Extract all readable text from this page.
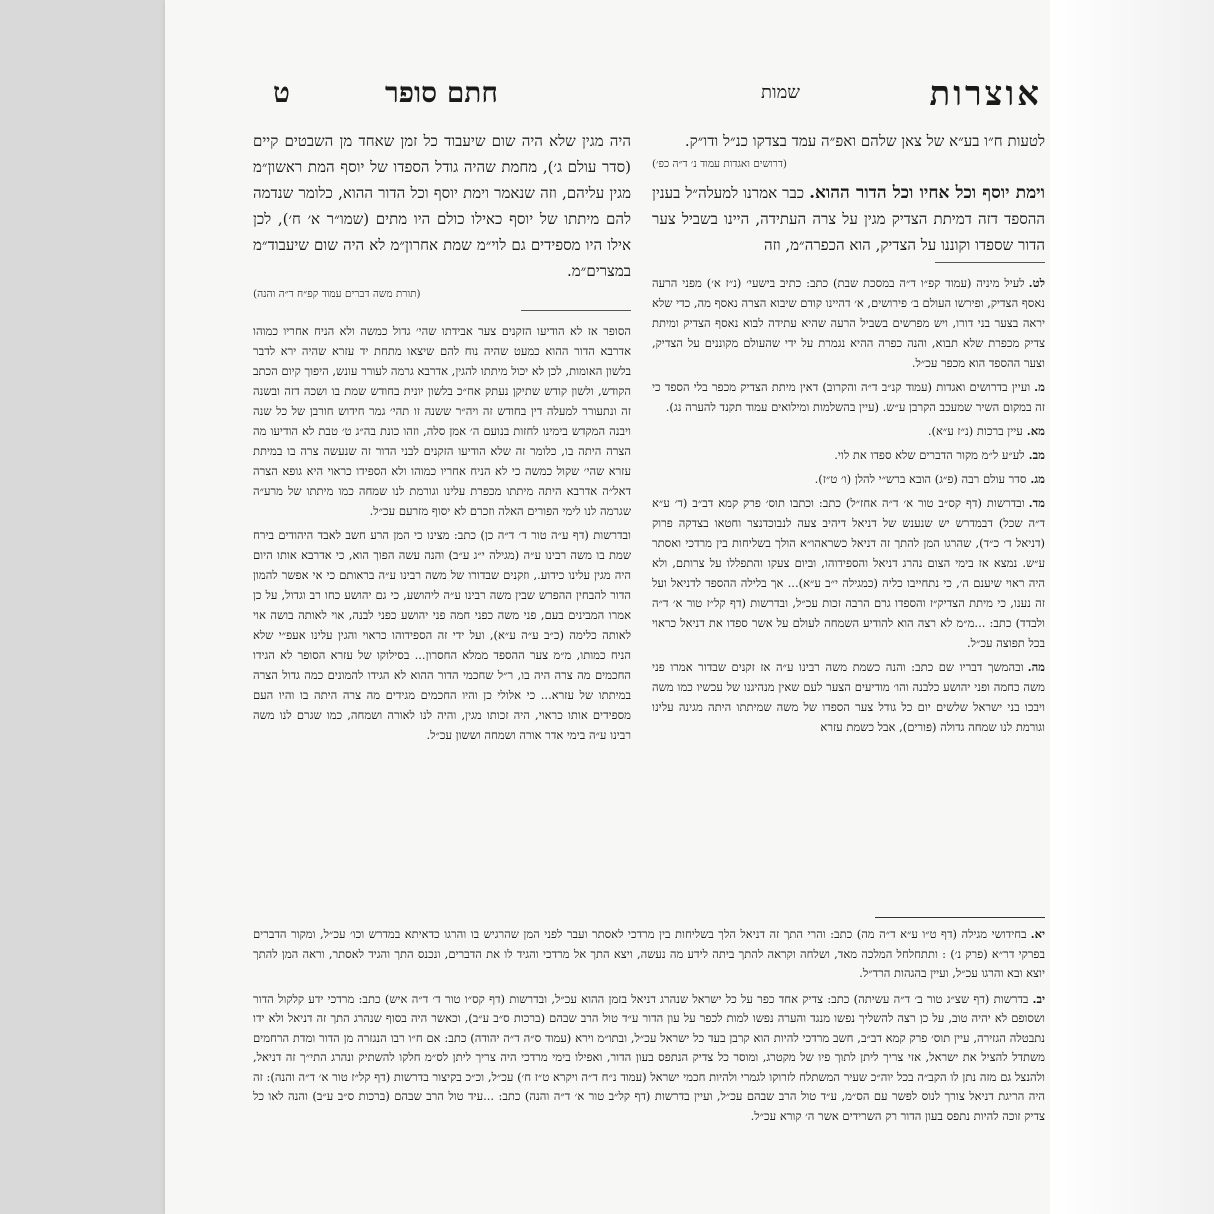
אוצרות
שמות
חתם סופר
ט

לטעות ח״ו בע״א של צאן שלהם ואפ״ה עמד בצדקו כנ״ל ודו״ק.

(דרושים ואגדות עמוד נ׳ ד״ה כפ׳)

וימת יוסף וכל אחיו וכל הדור ההוא. כבר אמרנו למעלה״ל בענין ההספד דזה דמיתת הצדיק מגין על צרה העתידה, היינו בשביל צער הדור שספדו וקוננו על הצדיק, הוא הכפרה״מ, וזה

לט.לעיל מיניה (עמוד קפ״ו ד״ה במסכת שבת) כתב: כתיב בישעי׳ (נ״ז א׳) מפני הרעה נאסף הצדיק, ופירשו העולם ב׳ פירושים, א׳ דהיינו קודם שיבוא הצרה נאסף מה, כדי שלא יראה בצער בני דורו, ויש מפרשים בשביל הרעה שהיא עתידה לבוא נאסף הצדיק ומיתת צדיק מכפרת שלא תבוא, והנה כפרה ההיא נגמרת על ידי שהעולם מקוננים על הצדיק, וצער ההספד הוא מכפר עכ״ל.

מ.ועיין בדרושים ואגדות (עמוד קנ״ב ד״ה והקרוב) דאין מיתת הצדיק מכפר בלי הספד כי זה במקום השיר שמעכב הקרבן ע״ש. (עיין בהשלמות ומילואים עמוד תקנד להערה נג).

מא.עיין ברכות (נ״ז ע״א).

מב.לע״ע ל״מ מקור הדברים שלא ספדו את לוי.

מג.סדר עולם רבה (פ״ג) הובא ברש״י להלן (ו׳ ט״ז).

מד.ובדרשות (דף קס״ב טור א׳ ד״ה אחז״ל) כתב: וכתבו תוס׳ פרק קמא דב״ב (ד׳ ע״א ד״ה שכל) דבמדרש יש שנענש של דניאל דיהיב צעה לנבוכדנצר וחטאו בצדקה פרוק (דניאל ד׳ כ״ד), שהרגו המן להתך זה דניאל כשראהו״א הולך בשליחות בין מרדכי ואסתר ע״ש. נמצא אז בימי הצום נהרג דניאל והספידוהו, וביום צעקו והתפללו על צרותם, ולא היה ראוי שיענם ה׳, כי נתחייבו כליה (כמגילה י״ב ע״א)... אך בלילה ההספד לדניאל ועל זה נענו, כי מיתת הצדיק״ז והספדו גרם הרבה זכות עכ״ל, ובדרשות (דף קל״ז טור א׳ ד״ה ולבדד) כתב: ...מ״מ לא רצה הוא להודיע השמחה לעולם על אשר ספדו את דניאל כראוי בכל תפוצה עכ״ל.

מה.ובהמשך דבריו שם כתב: והנה כשמת משה רבינו ע״ה אז זקנים שבדור אמרו פני משה כחמה ופני יהושע כלבנה והו׳ מודיעים הצער לעם שאין מנהיגנו של עכשיו כמו משה ויבכו בני ישראל שלשים יום כל גודל צער הספדו של משה שמיתתו היתה מגינה עלינו וגורמת לנו שמחה גדולה (פורים), אבל כשמת עזרא

היה מגין שלא היה שום שיעבוד כל זמן שאחד מן השבטים קיים (סדר עולם ג׳), מחמת שהיה גודל הספדו של יוסף המת ראשון״מ מגין עליהם, וזה שנאמר וימת יוסף וכל הדור ההוא, כלומר שנדמה להם מיתתו של יוסף כאילו כולם היו מתים (שמו״ר א׳ ח׳), לכן אילו היו מספידים גם לוי״מ שמת אחרון״מ לא היה שום שיעבוד״מ במצרים״מ.

(תורת משה דברים עמוד קפ״ח ד״ה והנה)

הסופר אז לא הודיעו הזקנים צער אבידתו שהי׳ גדול כמשה ולא הניח אחריו כמוהו אדרבא הדור ההוא כמעט שהיה נוח להם שיצאו מתחת יד עזרא שהיה ירא לדבר בלשון האומות, לכן לא יכול מיתתו להגין, אדרבא גרמה לעורר עונש, היפוך קיום הכתב הקודש, ולשון קודש שתיקן נעתק אח״כ בלשון יונית בחודש שמת בו ושכה דזה ובשנה זה ונתעורר למעלה דין בחודש זה ויה״ר ששנה זו תהי׳ גמר חידוש חורבן של כל שנה ויבנה המקדש בימינו לחזות בנועם ה׳ אמן סלה, וזהו כונת בה״ג ט׳ טבת לא הודיעו מה הצרה היתה בו, כלומר זה שלא הודיעו הזקנים לבני הדור זה שנעשה צרה בו במיתת עזרא שהי׳ שקול כמשה כי לא הניח אחריו כמוהו ולא הספידו כראוי היא גופא הצרה דאל״ה אדרבא היתה מיתתו מכפרת עלינו וגורמת לנו שמחה כמו מיתתו של מרע״ה שגרמה לנו לימי הפורים האלה וזכרם לא יסוף מזרעם עכ״ל.

ובדרשות (דף ע״ה טור ד׳ ד״ה כן) כתב: מצינו כי המן הרע חשב לאבד היהודים בירח שמת בו משה רבינו ע״ה (מגילה י״ג ע״ב) והנה עשה הפוך הוא, כי אדרבא אותו היום היה מגין עלינו כידוע., וזקנים שבדורו של משה רבינו ע״ה בראותם כי אי אפשר להמון הדור להבחין ההפרש שבין משה רבינו ע״ה ליהושע, כי גם יהושע כחו רב וגדול, על כן אמרו המבינים בעם, פני משה כפני חמה פני יהושע כפני לבנה, אוי לאותה בושה אוי לאותה כלימה (כ״ב ע״ה ע״א), ועל ידי זה הספידוהו כראוי והגין עלינו אעפ״י שלא הניח כמותו, מ״מ צער ההספד ממלא החסרון... בסילוקו של עזרא הסופר לא הגידו החכמים מה צרה היה בו, ר״ל שחכמי הדור ההוא לא הגידו להמונים כמה גדול הצרה במיתתו של עזרא... כי אלולי כן והיו החכמים מגידים מה צרה היתה בו והיו העם מספידים אותו כראוי, היה זכותו מגין, והיה לנו לאורה ושמחה, כמו שגרם לנו משה רבינו ע״ה בימי אדר אורה ושמחה וששון עכ״ל.

יא.בחידושי מגילה (דף ט״ו ע״א ד״ה מה) כתב: והרי התך זה דניאל הלך בשליחות בין מרדכי לאסתר ועבר לפני המן שהרגיש בו והרגו כדאיתא במדרש וכו׳ עכ״ל, ומקור הדברים בפרקי דר״א (פרק נ׳) : ותתחלחל המלכה מאד, ושלחה וקראה להתך ביתה לידע מה נעשה, ויצא התך אל מרדכי והגיד לו את הדברים, ונכנס התך והגיד לאסתר, וראה המן להתך יוצא ובא והרגו עכ״ל, ועיין בהגהות הרד״ל.

יב.בדרשות (דף שצ״ג טור ב׳ ד״ה עשיתה) כתב: צדיק אחד כפר על כל ישראל שנהרג דניאל בזמן ההוא עכ״ל, ובדרשות (דף קס״ו טור ד׳ ד״ה איש) כתב: מרדכי ידע קלקול הדור ושסופם לא יהיה טוב, על כן רצה להשליך נפשו מנגד והערה נפשו למות לכפר על עון הדור ע״ד טול הרב שבהם (ברכות ס״ב ע״ב), וכאשר היה בסוף שנהרג התך זה דניאל ולא ידו נתבטלה הגזירה, עיין תוס׳ פרק קמא דב״ב, חשב מרדכי להיות הוא קרבן בעד כל ישראל עכ״ל, ובתו״מ וירא (עמוד ס״ה ד״ה יהודה) כתב: אם ח״ו רבו הנגזרה מן הדור ומדת הרחמים משתדל להציל את ישראל, אזי צריך ליתן לתוך פיו של מקטרג, ומוסר כל צדיק הנתפס בעון הדור, ואפילו בימי מרדכי היה צריך ליתן לס״מ חלקו להשתיק ונהרג התי״ך זה דניאל, ולהנצל גם מזה נתן לו הקב״ה בכל יוה״כ שעיר המשתלח לזרוקו לגמרי ולהיות חכמי ישראל (עמוד נ״ח ד״ה ויקרא ט״ז ח׳) עכ״ל, וכ״כ בקיצור בדרשות (דף קל״ז טור א׳ ד״ה והנה): זה היה הריגת דניאל צורך לנוס לפשר עם הס״מ, ע״ד טול הרב שבהם עכ״ל, ועיין בדרשות (דף קל״ב טור א׳ ד״ה והנה) כתב: ...עיד טול הרב שבהם (ברכות ס״ב ע״ב) והנה לאו כל צדיק זוכה להיות נתפס בעון הדור רק השרידים אשר ה׳ קורא עכ״ל.
